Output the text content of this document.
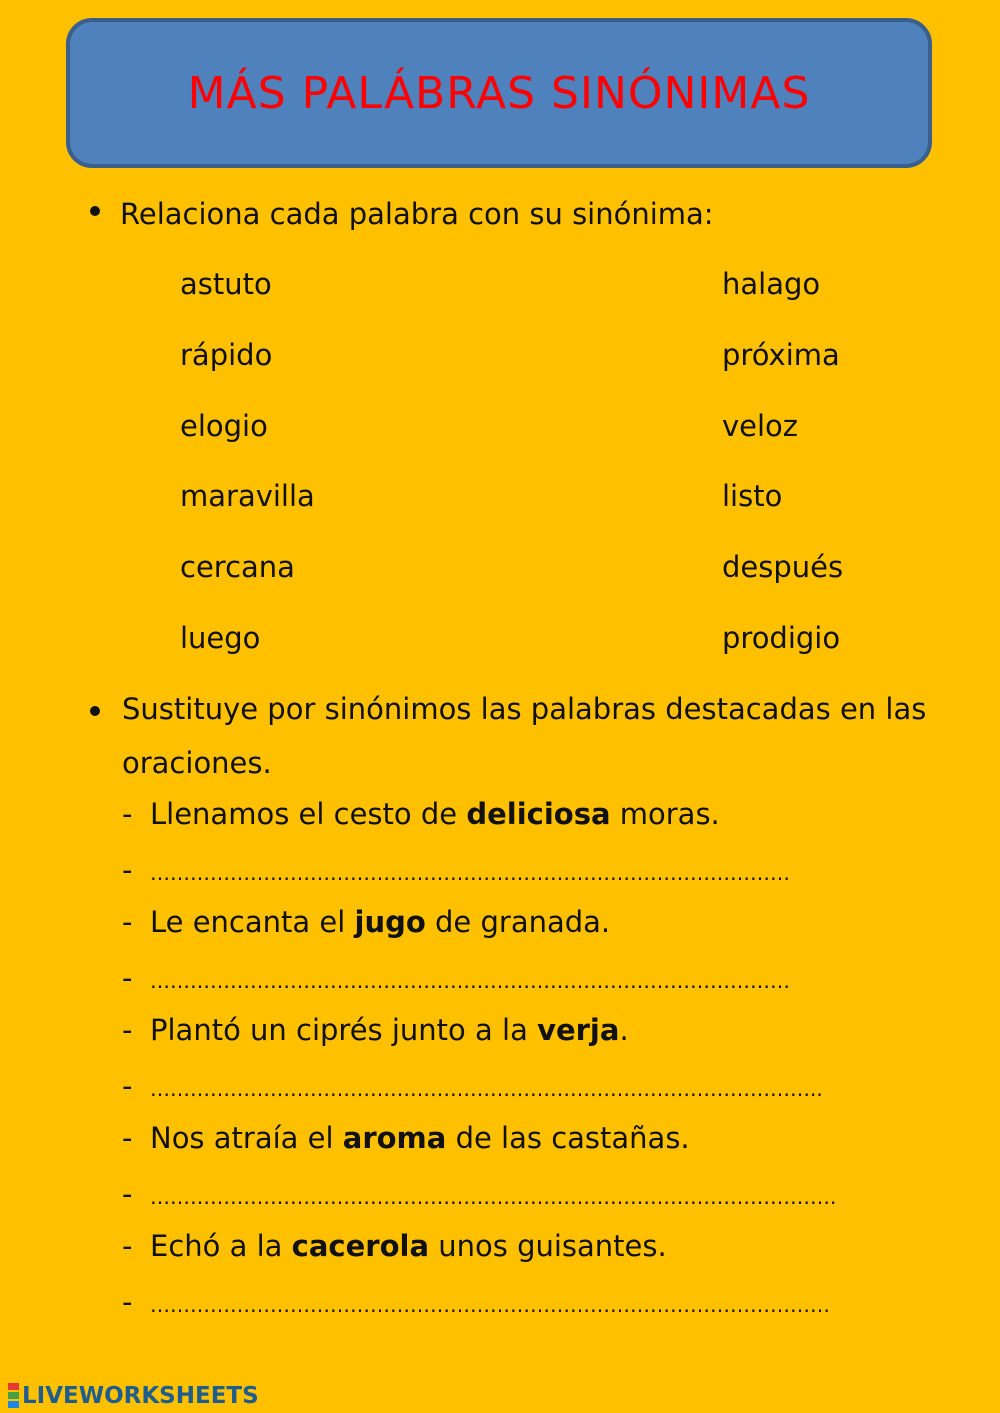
MÁS PALÁBRAS SINÓNIMAS
Relaciona cada palabra con su sinónima:
astuto
rápido
elogio
maravilla
cercana
luego
halago
próxima
veloz
listo
después
prodigio
Sustituye por sinónimos las palabras destacadas en las oraciones.
- Llenamos el cesto de deliciosa moras.
- ……………………………………………………………………………………
- Le encanta el jugo de granada.
- ……………………………………………………………………………………
- Plantó un ciprés junto a la verja.
- ………………………………………………………………………………………..
- Nos atraía el aroma de las castañas.
- ………………………………………………………………………………………….
- Echó a la cacerola unos guisantes.
- …………………………………………………………………………………………
LIVEWORKSHEETS
